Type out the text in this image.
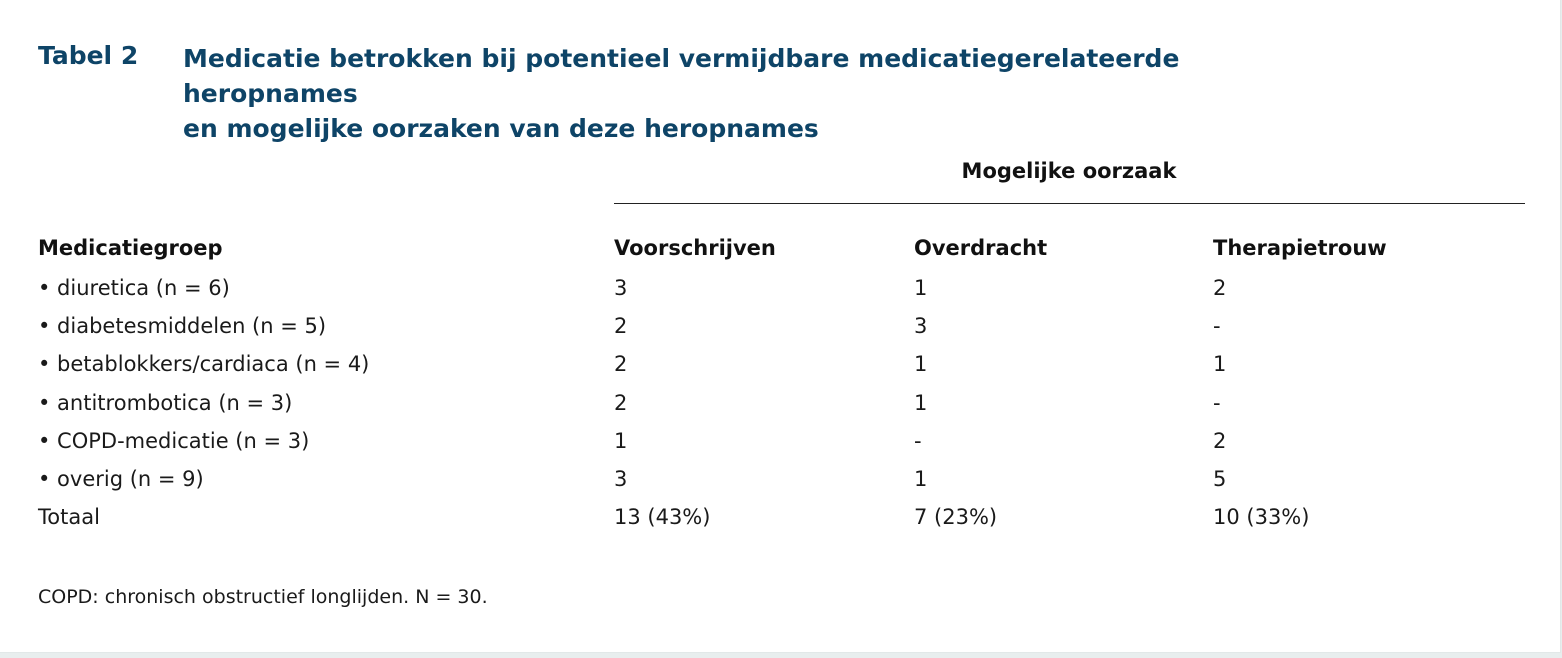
Tabel 2 Medicatie betrokken bij potentieel vermijdbare medicatiegerelateerde heropnames
en mogelijke oorzaken van deze heropnames
Mogelijke oorzaak
Medicatiegroep	Voorschrijven	Overdracht	Therapietrouw
• diuretica (n = 6)	3	1	2
• diabetesmiddelen (n = 5)	2	3	-
• betablokkers/cardiaca (n = 4)	2	1	1
• antitrombotica (n = 3)	2	1	-
• COPD-medicatie (n = 3)	1	-	2
• overig (n = 9)	3	1	5
Totaal	13 (43%)	7 (23%)	10 (33%)
COPD: chronisch obstructief longlijden. N = 30.
